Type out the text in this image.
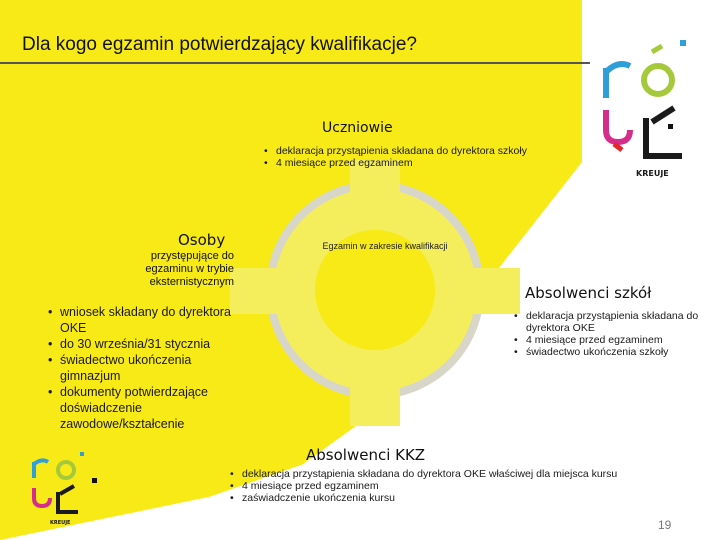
Dla kogo egzamin potwierdzający kwalifikacje?
KREUJE
KREUJE
Egzamin w zakresie kwalifikacji
Uczniowie
• deklaracja przystąpienia składana do dyrektora szkoły
• 4 miesiące przed egzaminem
Osoby
przystępujące do egzaminu w trybie eksternistycznym
• wniosek składany do dyrektora OKE
• do 30 września/31 stycznia
• świadectwo ukończenia gimnazjum
• dokumenty potwierdzające doświadczenie zawodowe/kształcenie
Absolwenci szkół
• deklaracja przystąpienia składana do dyrektora OKE
• 4 miesiące przed egzaminem
• świadectwo ukończenia szkoły
Absolwenci KKZ
• deklaracja przystąpienia składana do dyrektora OKE właściwej dla miejsca kursu
• 4 miesiące przed egzaminem
• zaświadczenie ukończenia kursu
19
